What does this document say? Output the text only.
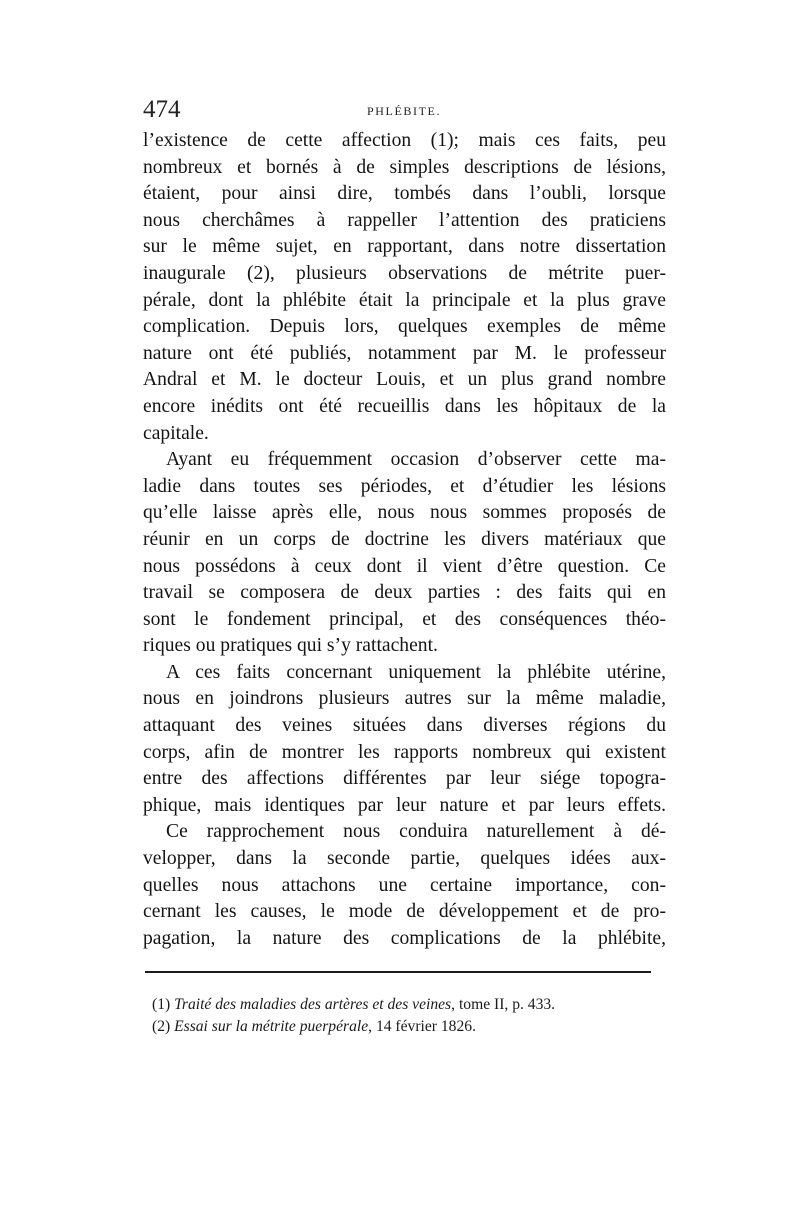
474	PHLÉBITE.
l’existence de cette affection (1); mais ces faits, peu
nombreux et bornés à de simples descriptions de lésions,
étaient, pour ainsi dire, tombés dans l’oubli, lorsque
nous cherchâmes à rappeller l’attention des praticiens
sur le même sujet, en rapportant, dans notre dissertation
inaugurale (2), plusieurs observations de métrite puer-
pérale, dont la phlébite était la principale et la plus grave
complication. Depuis lors, quelques exemples de même
nature ont été publiés, notamment par M. le professeur
Andral et M. le docteur Louis, et un plus grand nombre
encore inédits ont été recueillis dans les hôpitaux de la
capitale.
Ayant eu fréquemment occasion d’observer cette ma-
ladie dans toutes ses périodes, et d’étudier les lésions
qu’elle laisse après elle, nous nous sommes proposés de
réunir en un corps de doctrine les divers matériaux que
nous possédons à ceux dont il vient d’être question. Ce
travail se composera de deux parties : des faits qui en
sont le fondement principal, et des conséquences théo-
riques ou pratiques qui s’y rattachent.
A ces faits concernant uniquement la phlébite utérine,
nous en joindrons plusieurs autres sur la même maladie,
attaquant des veines situées dans diverses régions du
corps, afin de montrer les rapports nombreux qui existent
entre des affections différentes par leur siége topogra-
phique, mais identiques par leur nature et par leurs effets.
Ce rapprochement nous conduira naturellement à dé-
velopper, dans la seconde partie, quelques idées aux-
quelles nous attachons une certaine importance, con-
cernant les causes, le mode de développement et de pro-
pagation, la nature des complications de la phlébite,
(1) Traité des maladies des artères et des veines, tome II, p. 433.
(2) Essai sur la métrite puerpérale, 14 février 1826.
